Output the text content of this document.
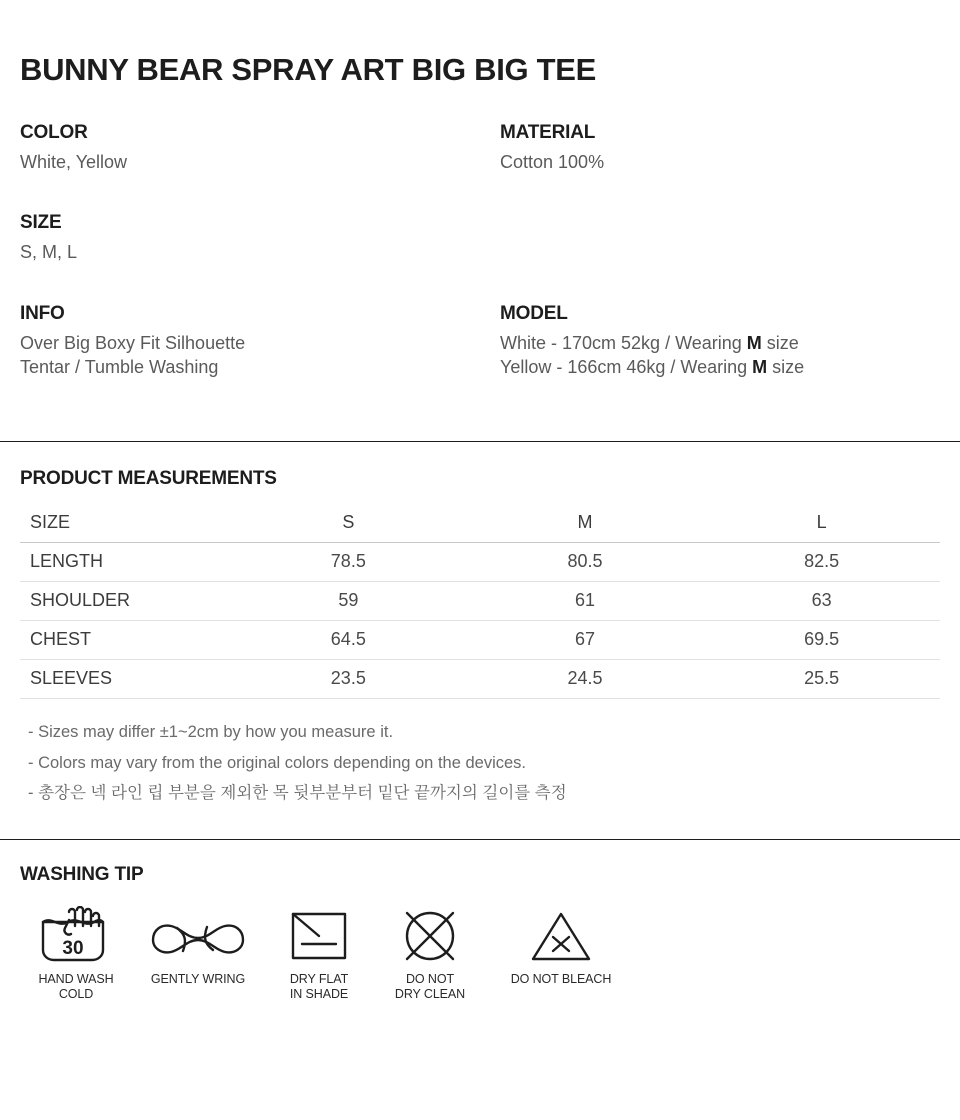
BUNNY BEAR SPRAY ART BIG BIG TEE
COLOR
White, Yellow
MATERIAL
Cotton 100%
SIZE
S, M, L
INFO
Over Big Boxy Fit Silhouette
Tentar / Tumble Washing
MODEL
White - 170cm 52kg / Wearing M size
Yellow - 166cm 46kg / Wearing M size
PRODUCT MEASUREMENTS
SIZE	S	M	L
LENGTH	78.5	80.5	82.5
SHOULDER	59	61	63
CHEST	64.5	67	69.5
SLEEVES	23.5	24.5	25.5
- Sizes may differ ±1~2cm by how you measure it.
- Colors may vary from the original colors depending on the devices.
- 총장은 넥 라인 립 부분을 제외한 목 뒷부분부터 밑단 끝까지의 길이를 측정
WASHING TIP
30
HAND WASH
COLD
GENTLY WRING	DRY FLAT
IN SHADE
DO NOT
DRY CLEAN
DO NOT BLEACH
